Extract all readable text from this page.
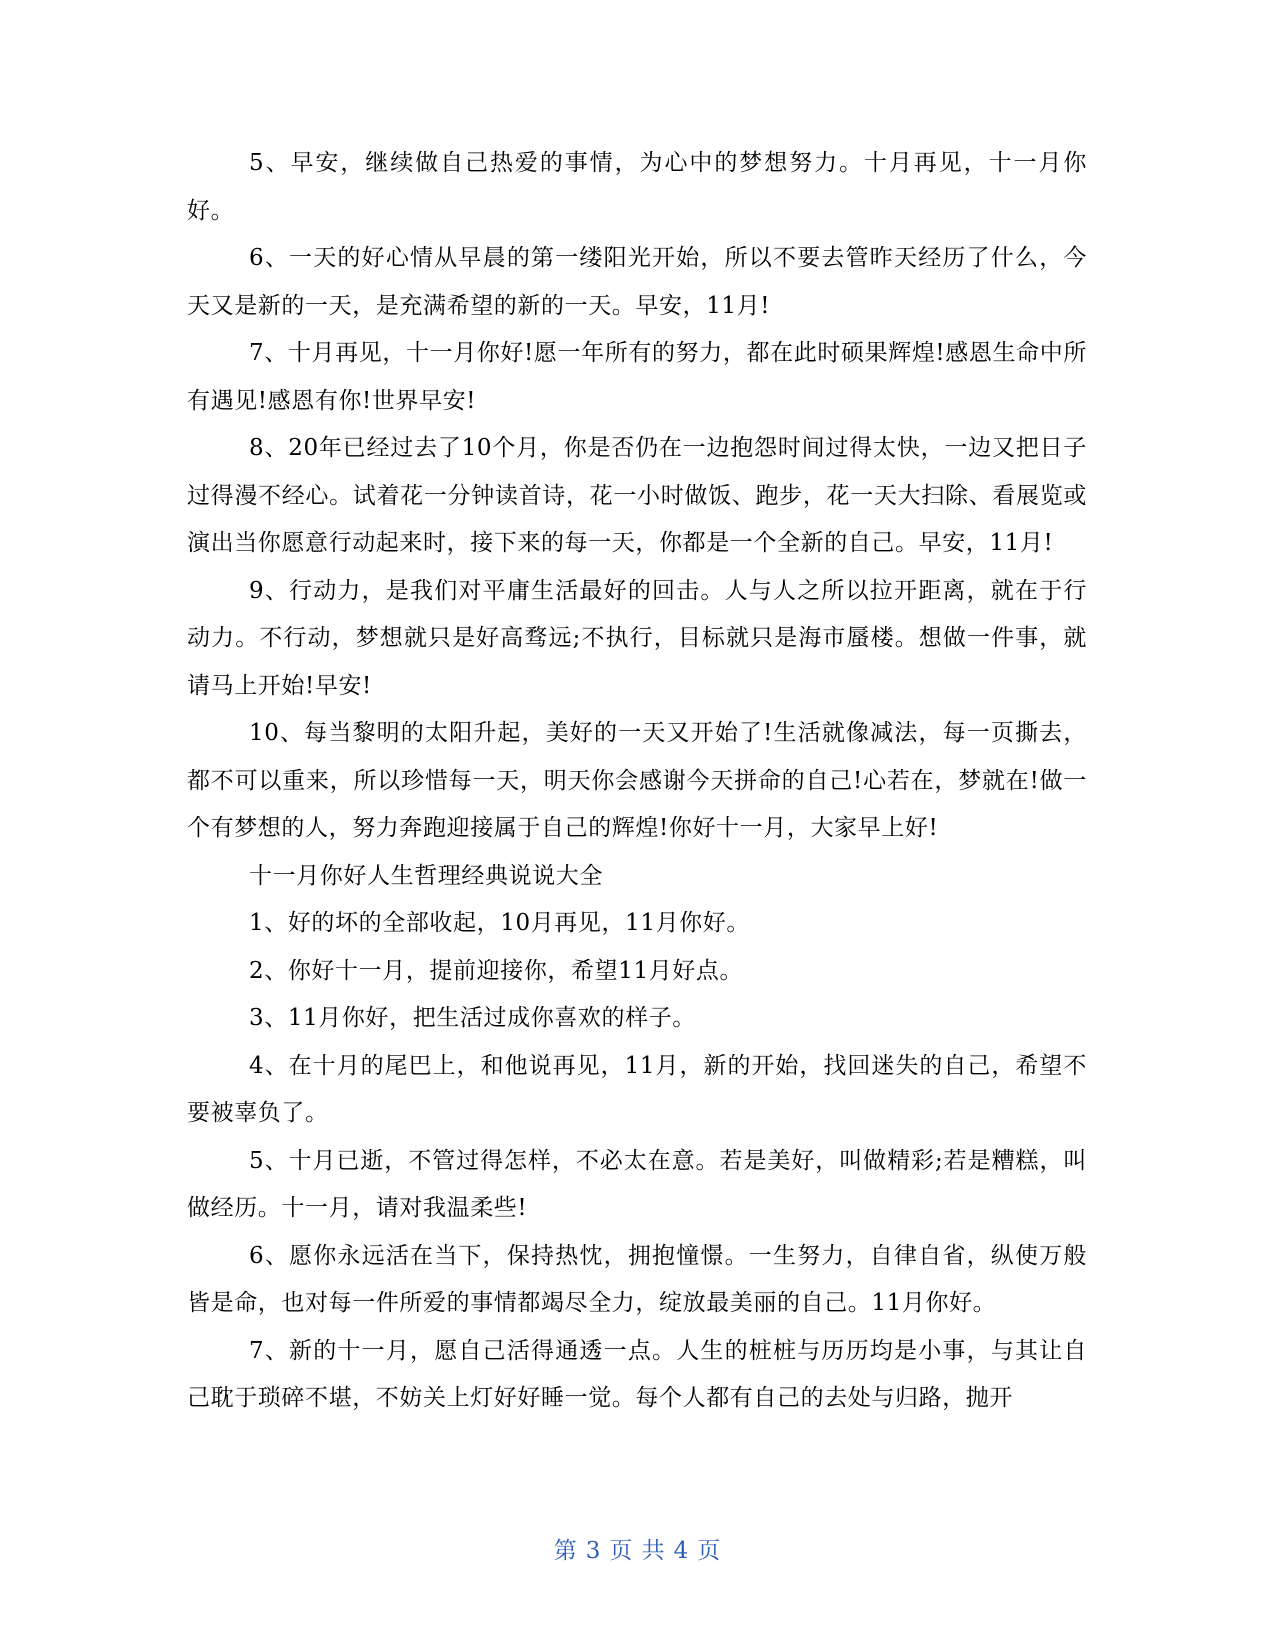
5、早安，继续做自己热爱的事情，为心中的梦想努力。十月再见，十一月你好。

6、一天的好心情从早晨的第一缕阳光开始，所以不要去管昨天经历了什么，今天又是新的一天，是充满希望的新的一天。早安，11月!

7、十月再见，十一月你好!愿一年所有的努力，都在此时硕果辉煌!感恩生命中所有遇见!感恩有你!世界早安!

8、20年已经过去了10个月，你是否仍在一边抱怨时间过得太快，一边又把日子过得漫不经心。试着花一分钟读首诗，花一小时做饭、跑步，花一天大扫除、看展览或演出当你愿意行动起来时，接下来的每一天，你都是一个全新的自己。早安，11月!

9、行动力，是我们对平庸生活最好的回击。人与人之所以拉开距离，就在于行动力。不行动，梦想就只是好高骛远;不执行，目标就只是海市蜃楼。想做一件事，就请马上开始!早安!

10、每当黎明的太阳升起，美好的一天又开始了!生活就像减法，每一页撕去，都不可以重来，所以珍惜每一天，明天你会感谢今天拼命的自己!心若在，梦就在!做一个有梦想的人，努力奔跑迎接属于自己的辉煌!你好十一月，大家早上好!

十一月你好人生哲理经典说说大全

1、好的坏的全部收起，10月再见，11月你好。

2、你好十一月，提前迎接你，希望11月好点。

3、11月你好，把生活过成你喜欢的样子。

4、在十月的尾巴上，和他说再见，11月，新的开始，找回迷失的自己，希望不要被辜负了。

5、十月已逝，不管过得怎样，不必太在意。若是美好，叫做精彩;若是糟糕，叫做经历。十一月，请对我温柔些!

6、愿你永远活在当下，保持热忱，拥抱憧憬。一生努力，自律自省，纵使万般皆是命，也对每一件所爱的事情都竭尽全力，绽放最美丽的自己。11月你好。

7、新的十一月，愿自己活得通透一点。人生的桩桩与历历均是小事，与其让自己耽于琐碎不堪，不妨关上灯好好睡一觉。每个人都有自己的去处与归路，抛开

第 3 页 共 4 页
